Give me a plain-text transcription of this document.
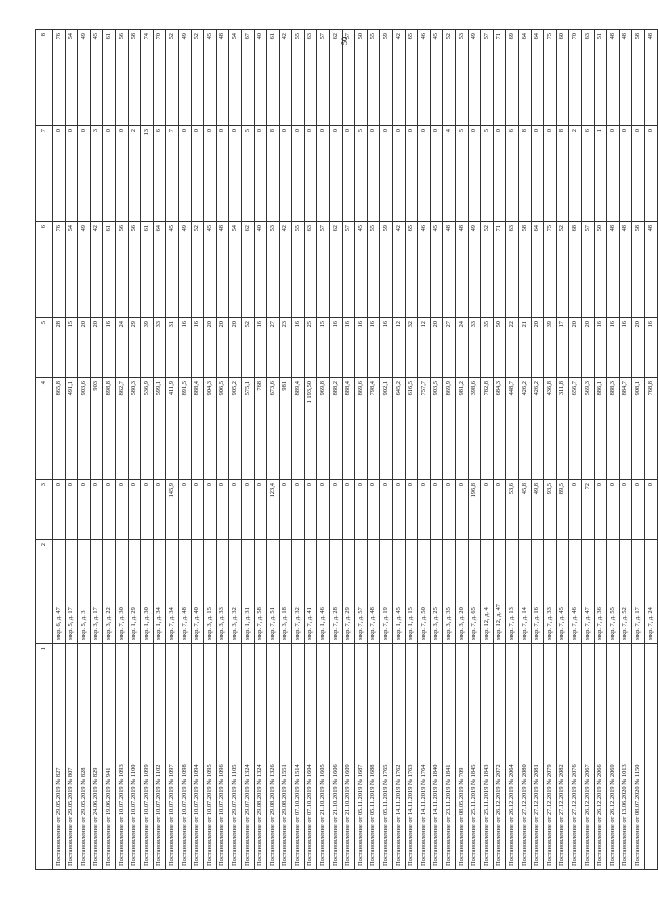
50
1	2	3	4	5	6	7	8
Постановление от 29.05.2019 № 827	мкр. 6, д. 47	0	865,8	28	76	0	76
Постановление от 29.05.2019 № 807	мкр. 5, д. 17	0	491,1	15	54	0	54
Постановление от 29.05.2019 № 828	мкр. 5, д. 3	0	903,6	20	49	0	49
Постановление от 24.06.2019 № 829	мкр. 3, д. 17	0	903	20	42	3	45
Постановление от 19.06.2019 № 941	мкр. 3, д. 22	0	898,8	16	61	0	61
Постановление от 10.07.2019 № 1093	мкр. 7, д. 30	0	862,7	24	56	0	56
Постановление от 10.07.2019 № 1100	мкр. 1, д. 29	0	580,3	29	56	2	58
Постановление от 10.07.2019 № 1099	мкр. 1, д. 30	0	536,9	39	61	13	74
Постановление от 10.07.2019 № 1102	мкр. 1, д. 34	0	599,1	33	64	6	70
Постановление от 10.07.2019 № 1097	мкр. 7, д. 34	145,9	411,9	31	45	7	52
Постановление от 10.07.2019 № 1098	мкр. 7, д. 48	0	891,5	16	49	0	49
Постановление от 10.07.2019 № 1094	мкр. 7, д. 40	0	888,4	16	52	0	52
Постановление от 10.07.2019 № 1095	мкр. 3, д. 15	0	904,3	20	45	0	45
Постановление от 10.07.2019 № 1096	мкр. 3, д. 33	0	906,5	20	48	0	48
Постановление от 29.07.2019 № 1105	мкр. 3, д. 32	0	905,2	20	54	0	54
Постановление от 29.07.2019 № 1324	мкр. 1, д. 31	0	575,1	52	62	5	67
Постановление от 29.08.2019 № 1324	мкр. 7, д. 58	0	768	16	40	0	40
Постановление от 29.08.2019 № 1326	мкр. 7, д. 51	123,4	673,6	27	53	8	61
Постановление от 29.08.2019 № 1551	мкр. 3, д. 18	0	981	23	42	0	42
Постановление от 07.10.2019 № 1514	мкр. 7, д. 32	0	889,4	16	55	0	55
Постановление от 07.10.2019 № 1604	мкр. 7, д. 41	0	1 193,50	25	63	0	63
Постановление от 21.10.2019 № 1605	мкр. 1, д. 46	0	969,8	15	57	0	57
Постановление от 21.10.2019 № 1606	мкр. 7, д. 28	0	888,2	16	62	0	62
Постановление от 21.10.2019 № 1609	мкр. 7, д. 29	0	888,4	16	57	0	57
Постановление от 05.11.2019 № 1687	мкр. 7, д. 57	0	869,6	16	45	5	50
Постановление от 05.11.2019 № 1688	мкр. 7, д. 48	0	798,4	16	55	0	55
Постановление от 05.11.2019 № 1765	мкр. 7, д. 19	0	902,1	16	59	0	59
Постановление от 14.11.2019 № 1762	мкр. 1, д. 45	0	645,2	12	42	0	42
Постановление от 14.11.2019 № 1763	мкр. 1, д. 15	0	616,5	32	65	0	65
Постановление от 14.11.2019 № 1764	мкр. 7, д. 50	0	757,7	12	46	0	46
Постановление от 14.11.2019 № 1840	мкр. 3, д. 25	0	903,5	20	45	0	45
Постановление от 23.11.2019 № 1841	мкр. 3, д. 35	0	869,9	27	48	4	52
Постановление от 08.05.2019 № 709	мкр. 3, д. 20	0	981,2	24	48	5	53
Постановление от 25.11.2019 № 1845	мкр. 7, д. 65	196,8	398,6	33	49	0	49
Постановление от 25.11.2019 № 1843	мкр. 12, д. 4	0	782,8	35	52	5	57
Постановление от 26.12.2019 № 2072	мкр. 12, д. 47	0	684,3	50	71	0	71
Постановление от 26.12.2019 № 2064	мкр. 7, д. 13	53,6	448,7	22	63	6	69
Постановление от 27.12.2019 № 2080	мкр. 7, д. 14	45,8	426,2	21	58	8	64
Постановление от 27.12.2019 № 2081	мкр. 7, д. 16	49,8	426,2	20	64	0	64
Постановление от 27.12.2019 № 2079	мкр. 7, д. 33	93,5	436,8	39	75	0	75
Постановление от 27.12.2019 № 2082	мкр. 7, д. 45	89,5	311,8	17	52	8	60
Постановление от 27.12.2019 № 2076	мкр. 7, д. 46	0	656,7	20	68	2	70
Постановление от 26.12.2019 № 2067	мкр. 7, д. 47	72	569,3	20	57	6	63
Постановление от 26.12.2019 № 2066	мкр. 7, д. 36	0	886,1	16	50	1	51
Постановление от 26.12.2019 № 2069	мкр. 7, д. 55	0	888,3	16	48	0	48
Постановление от 13.06.2020 № 1013	мкр. 7, д. 52	0	884,7	16	48	0	48
Постановление от 08.07.2020 № 1150	мкр. 7, д. 17	0	908,1	20	58	0	58
	мкр. 7, д. 24	0	768,8	16	48	0	48
